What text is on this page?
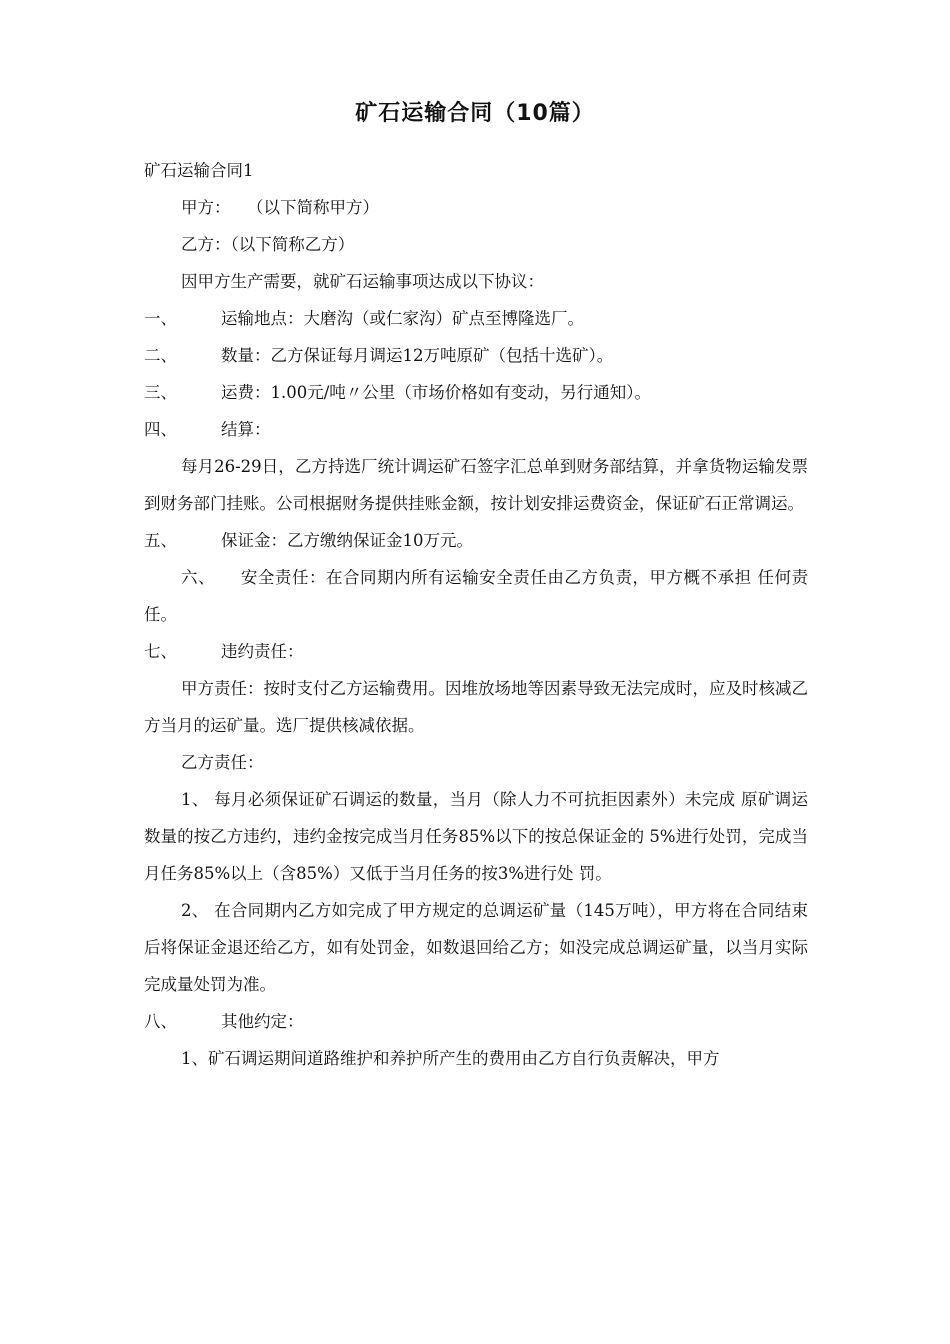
矿石运输合同（10篇）

矿石运输合同1

甲方：　　（以下简称甲方）

乙方：（以下简称乙方）

因甲方生产需要，就矿石运输事项达成以下协议：

一、	运输地点：大磨沟（或仁家沟）矿点至博隆选厂。

二、	数量：乙方保证每月调运12万吨原矿（包括十选矿）。

三、	运费：1.00元/吨〃公里（市场价格如有变动，另行通知）。

四、	结算：

每月26-29日，乙方持选厂统计调运矿石签字汇总单到财务部结算，并拿货物运输发票到财务部门挂账。公司根据财务提供挂账金额，按计划安排运费资金，保证矿石正常调运。

五、	保证金：乙方缴纳保证金10万元。

六、　　安全责任：在合同期内所有运输安全责任由乙方负责，甲方概不承担 任何责任。

七、	违约责任：

甲方责任：按时支付乙方运输费用。因堆放场地等因素导致无法完成时，应及时核减乙方当月的运矿量。选厂提供核减依据。

乙方责任：

1、 每月必须保证矿石调运的数量，当月（除人力不可抗拒因素外）未完成 原矿调运数量的按乙方违约，违约金按完成当月任务85%以下的按总保证金的 5%进行处罚，完成当月任务85%以上（含85%）又低于当月任务的按3%进行处 罚。

2、 在合同期内乙方如完成了甲方规定的总调运矿量（145万吨），甲方将在合同结束后将保证金退还给乙方，如有处罚金，如数退回给乙方；如没完成总调运矿量，以当月实际完成量处罚为准。

八、	其他约定：

1、矿石调运期间道路维护和养护所产生的费用由乙方自行负责解决，甲方
